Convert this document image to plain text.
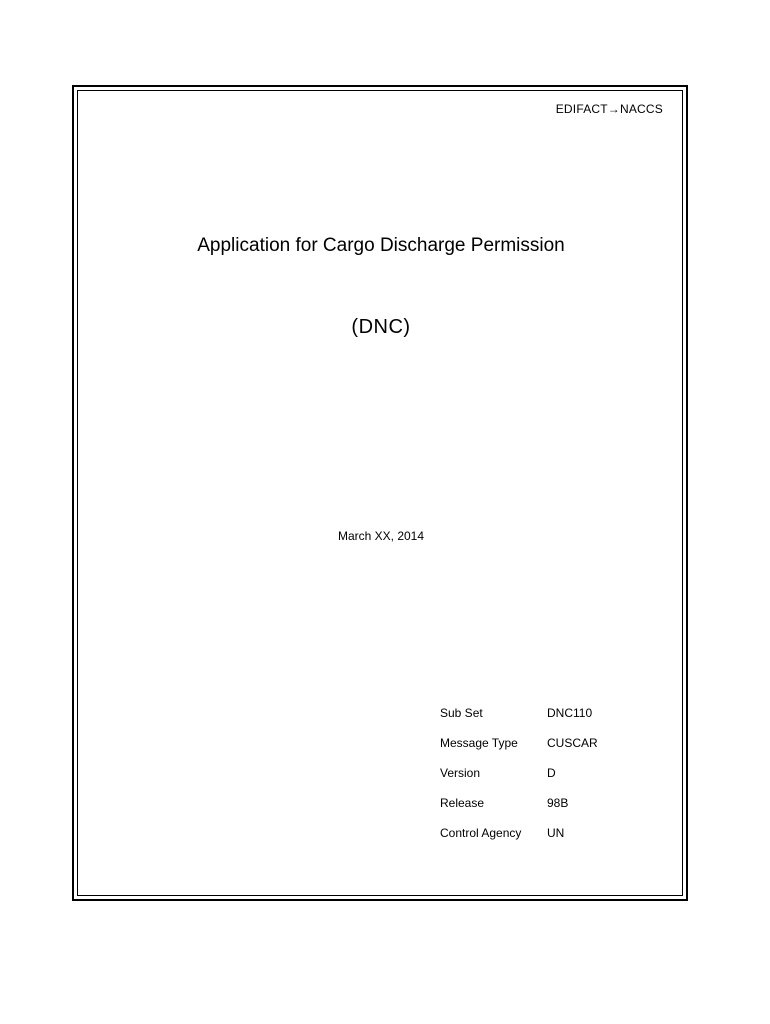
EDIFACT→NACCS
Application for Cargo Discharge Permission
(DNC)
March XX, 2014
Sub Set	DNC110
Message Type	CUSCAR
Version	D
Release	98B
Control Agency	UN
